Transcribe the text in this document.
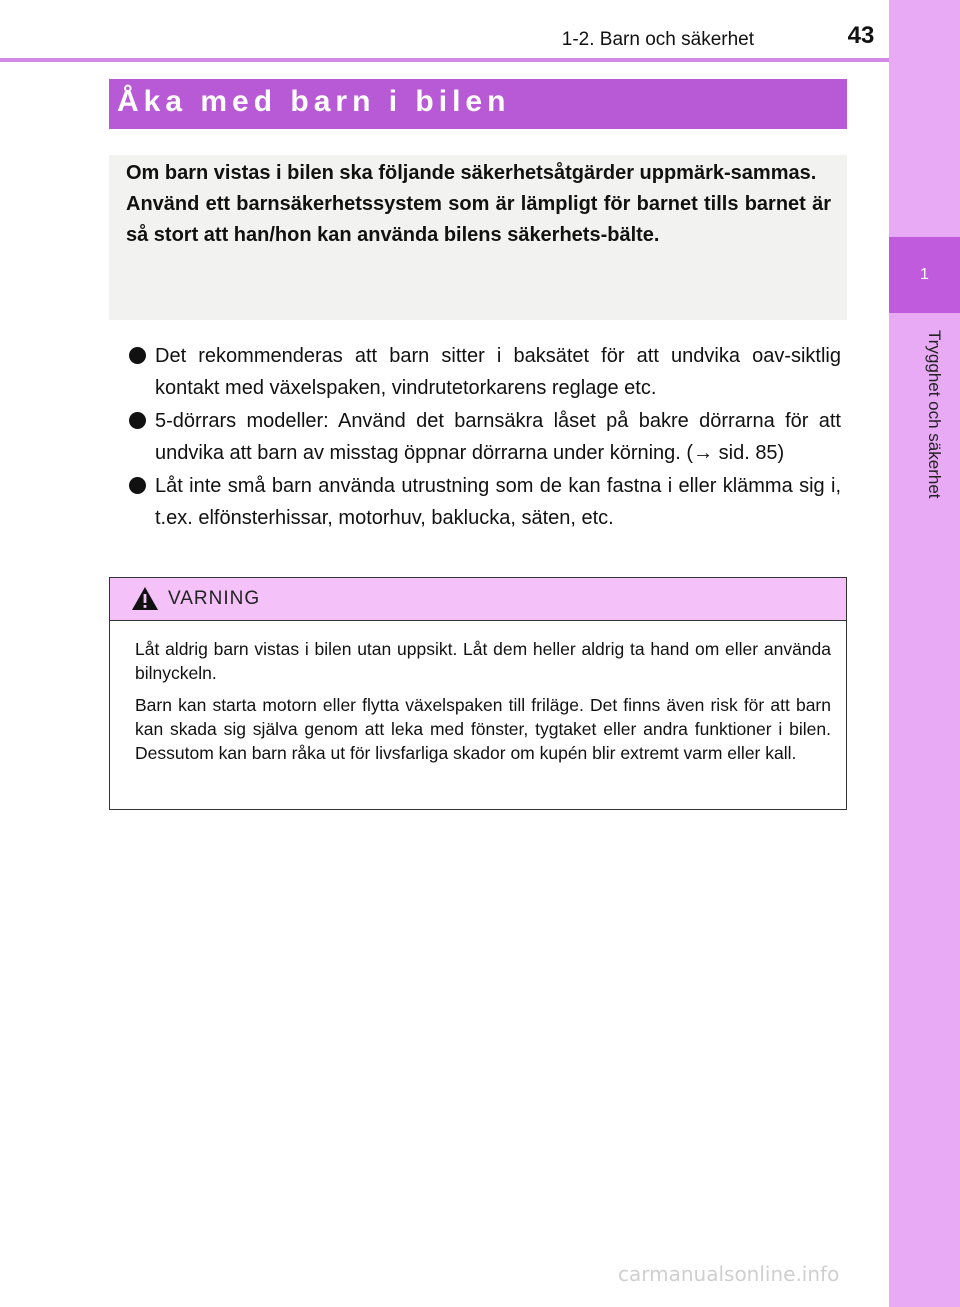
1
Trygghet och säkerhet
1-2. Barn och säkerhet	43
Åka med barn i bilen

Om barn vistas i bilen ska följande säkerhetsåtgärder uppmärk-sammas.

Använd ett barnsäkerhetssystem som är lämpligt för barnet tills barnet är så stort att han/hon kan använda bilens säkerhets-bälte.

Det rekommenderas att barn sitter i baksätet för att undvika oav-siktlig kontakt med växelspaken, vindrutetorkarens reglage etc.
5-dörrars modeller: Använd det barnsäkra låset på bakre dörrarna för att undvika att barn av misstag öppnar dörrarna under körning. (→ sid. 85)
Låt inte små barn använda utrustning som de kan fastna i eller klämma sig i, t.ex. elfönsterhissar, motorhuv, baklucka, säten, etc.
VARNING

Låt aldrig barn vistas i bilen utan uppsikt. Låt dem heller aldrig ta hand om eller använda bilnyckeln.

Barn kan starta motorn eller flytta växelspaken till friläge. Det finns även risk för att barn kan skada sig själva genom att leka med fönster, tygtaket eller andra funktioner i bilen. Dessutom kan barn råka ut för livsfarliga skador om kupén blir extremt varm eller kall.

carmanualsonline.info
